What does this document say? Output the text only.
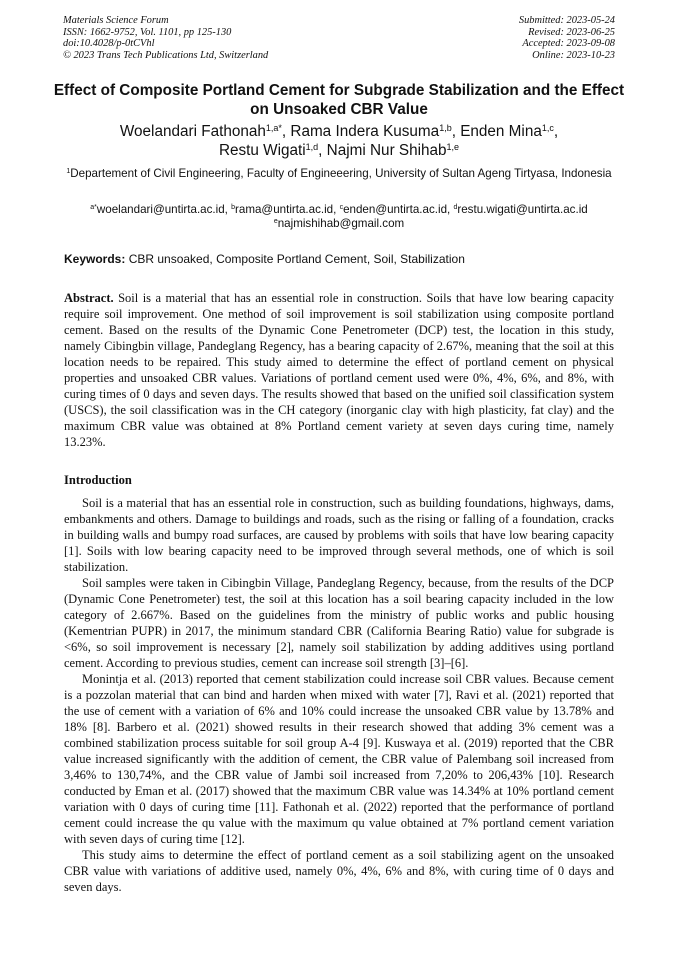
Materials Science Forum
ISSN: 1662-9752, Vol. 1101, pp 125-130
doi:10.4028/p-0tCVhl
© 2023 Trans Tech Publications Ltd, Switzerland
Submitted: 2023-05-24
Revised: 2023-06-25
Accepted: 2023-09-08
Online: 2023-10-23
Effect of Composite Portland Cement for Subgrade Stabilization and the Effect on Unsoaked CBR Value
Woelandari Fathonah$^{1,a*}$, Rama Indera Kusuma$^{1,b}$, Enden Mina$^{1,c}$,
Restu Wigati$^{1,d}$, Najmi Nur Shihab$^{1,e}$
$^1$Departement of Civil Engineering, Faculty of Engineeering, University of Sultan Ageng Tirtyasa, Indonesia
$^{a*}$woelandari@untirta.ac.id, $^b$rama@untirta.ac.id, $^c$enden@untirta.ac.id, $^d$restu.wigati@untirta.ac.id
$^e$najmishihab@gmail.com
Keywords: CBR unsoaked, Composite Portland Cement, Soil, Stabilization

Abstract. Soil is a material that has an essential role in construction. Soils that have low bearing capacity require soil improvement. One method of soil improvement is soil stabilization using composite portland cement. Based on the results of the Dynamic Cone Penetrometer (DCP) test, the location in this study, namely Cibingbin village, Pandeglang Regency, has a bearing capacity of 2.67%, meaning that the soil at this location needs to be repaired. This study aimed to determine the effect of portland cement on physical properties and unsoaked CBR values. Variations of portland cement used were 0%, 4%, 6%, and 8%, with curing times of 0 days and seven days. The results showed that based on the unified soil classification system (USCS), the soil classification was in the CH category (inorganic clay with high plasticity, fat clay) and the maximum CBR value was obtained at 8% Portland cement variety at seven days curing time, namely 13.23%.

Introduction

Soil is a material that has an essential role in construction, such as building foundations, highways, dams, embankments and others. Damage to buildings and roads, such as the rising or falling of a foundation, cracks in building walls and bumpy road surfaces, are caused by problems with soils that have low bearing capacity [1]. Soils with low bearing capacity need to be improved through several methods, one of which is soil stabilization.

Soil samples were taken in Cibingbin Village, Pandeglang Regency, because, from the results of the DCP (Dynamic Cone Penetrometer) test, the soil at this location has a soil bearing capacity included in the low category of 2.667%. Based on the guidelines from the ministry of public works and public housing (Kementrian PUPR) in 2017, the minimum standard CBR (California Bearing Ratio) value for subgrade is <6%, so soil improvement is necessary [2], namely soil stabilization by adding additives using portland cement. According to previous studies, cement can increase soil strength [3]–[6].

Monintja et al. (2013) reported that cement stabilization could increase soil CBR values. Because cement is a pozzolan material that can bind and harden when mixed with water [7], Ravi et al. (2021) reported that the use of cement with a variation of 6% and 10% could increase the unsoaked CBR value by 13.78% and 18% [8]. Barbero et al. (2021) showed results in their research showed that adding 3% cement was a combined stabilization process suitable for soil group A-4 [9]. Kuswaya et al. (2019) reported that the CBR value increased significantly with the addition of cement, the CBR value of Palembang soil increased from 3,46% to 130,74%, and the CBR value of Jambi soil increased from 7,20% to 206,43% [10]. Research conducted by Eman et al. (2017) showed that the maximum CBR value was 14.34% at 10% portland cement variation with 0 days of curing time [11]. Fathonah et al. (2022) reported that the performance of portland cement could increase the qu value with the maximum qu value obtained at 7% portland cement variation with seven days of curing time [12].

This study aims to determine the effect of portland cement as a soil stabilizing agent on the unsoaked CBR value with variations of additive used, namely 0%, 4%, 6% and 8%, with curing time of 0 days and seven days.
